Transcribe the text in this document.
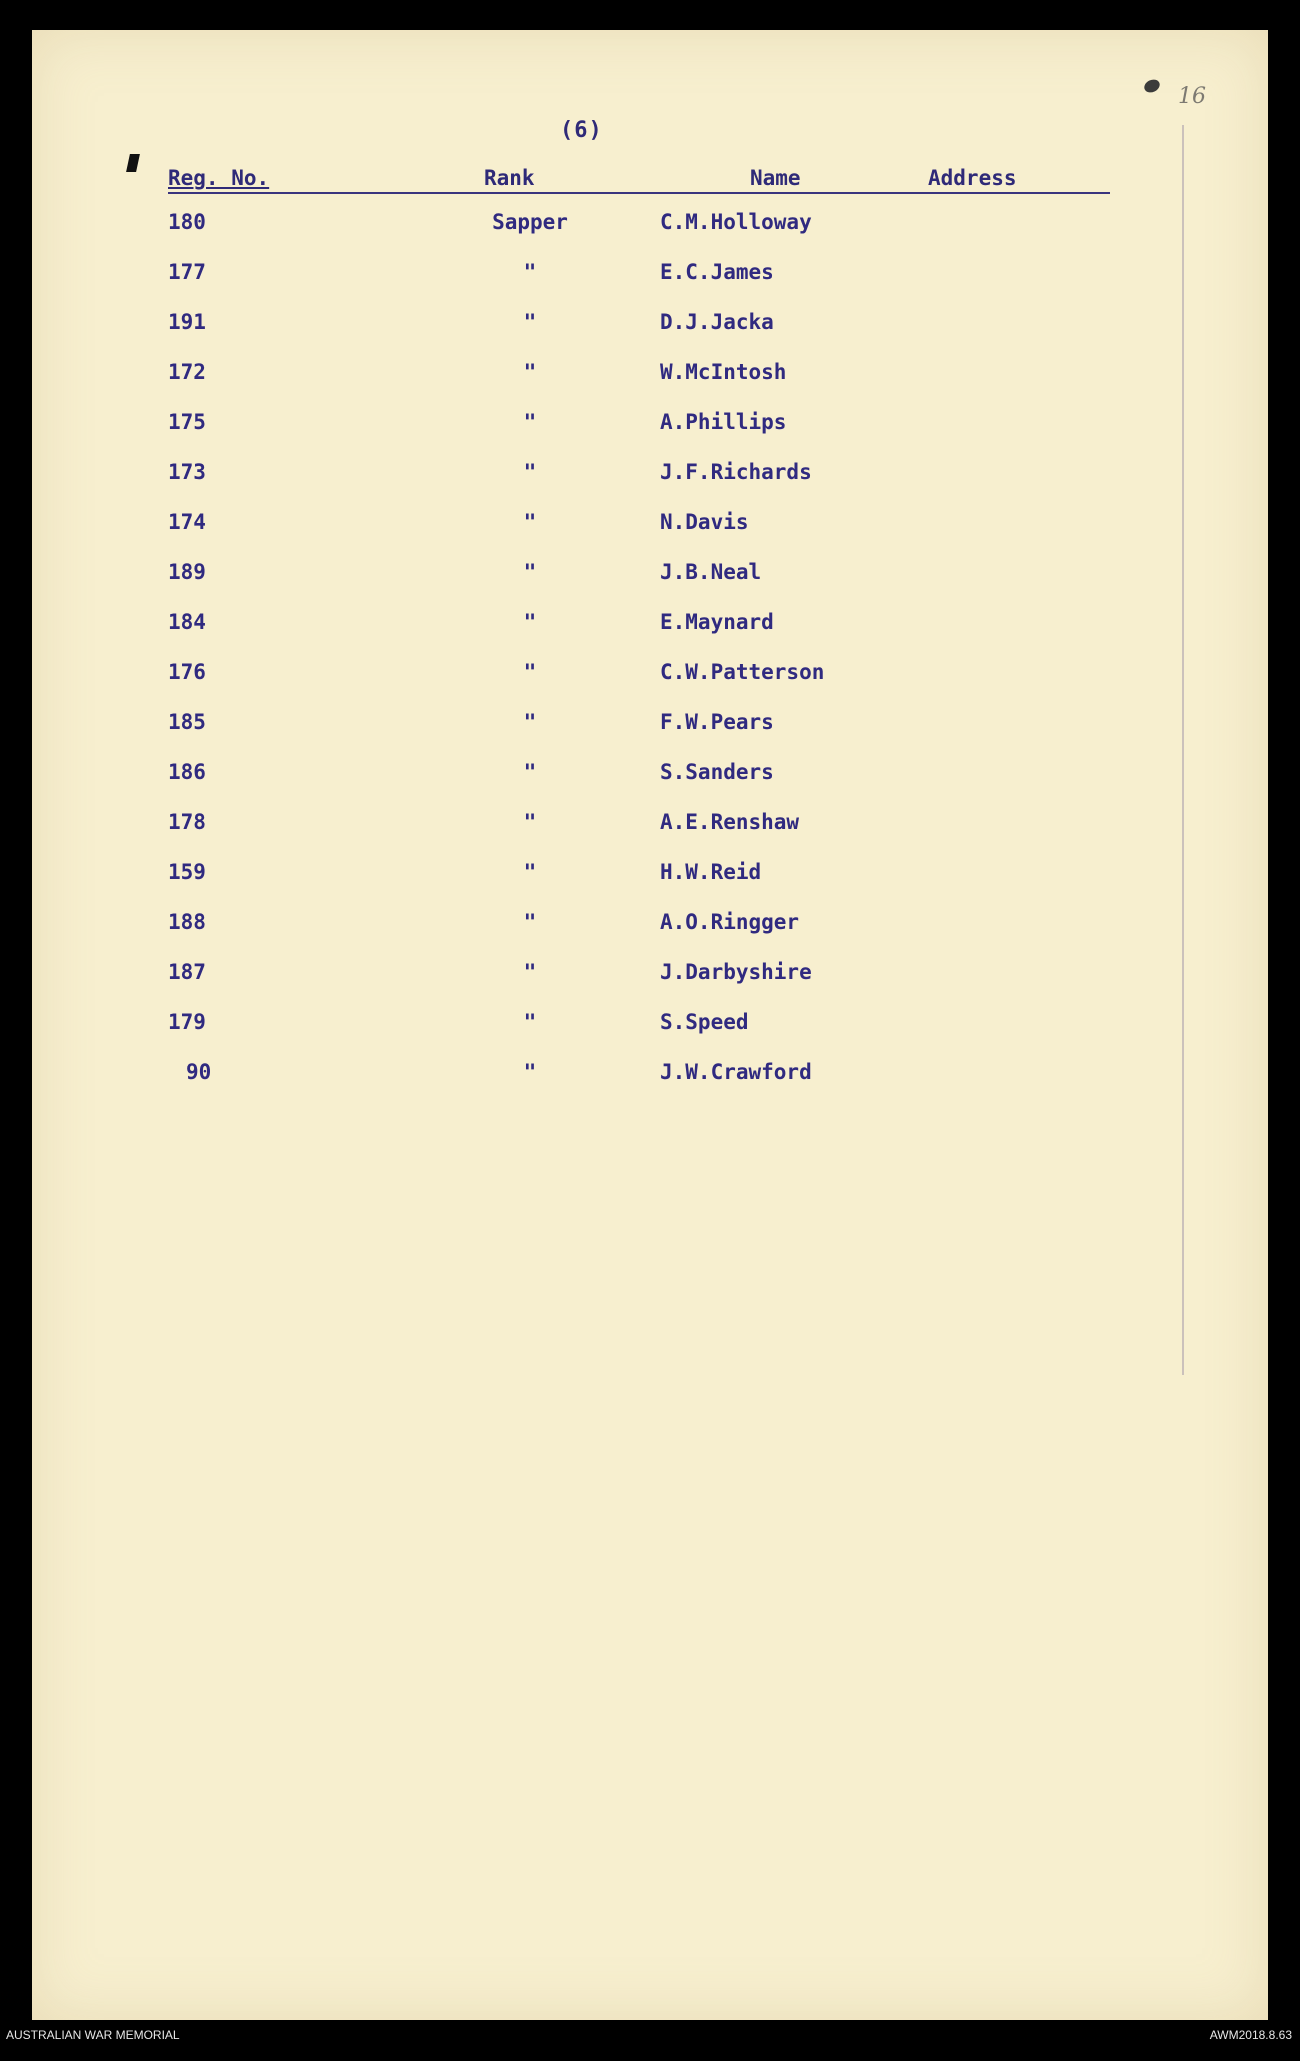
16
(6)
Reg. No.	Rank	Name	Address
180	Sapper	C.M.Holloway
177	"	E.C.James
191	"	D.J.Jacka
172	"	W.McIntosh
175	"	A.Phillips
173	"	J.F.Richards
174	"	N.Davis
189	"	J.B.Neal
184	"	E.Maynard
176	"	C.W.Patterson
185	"	F.W.Pears
186	"	S.Sanders
178	"	A.E.Renshaw
159	"	H.W.Reid
188	"	A.O.Ringger
187	"	J.Darbyshire
179	"	S.Speed
90	"	J.W.Crawford
AUSTRALIAN WAR MEMORIAL	AWM2018.8.63
